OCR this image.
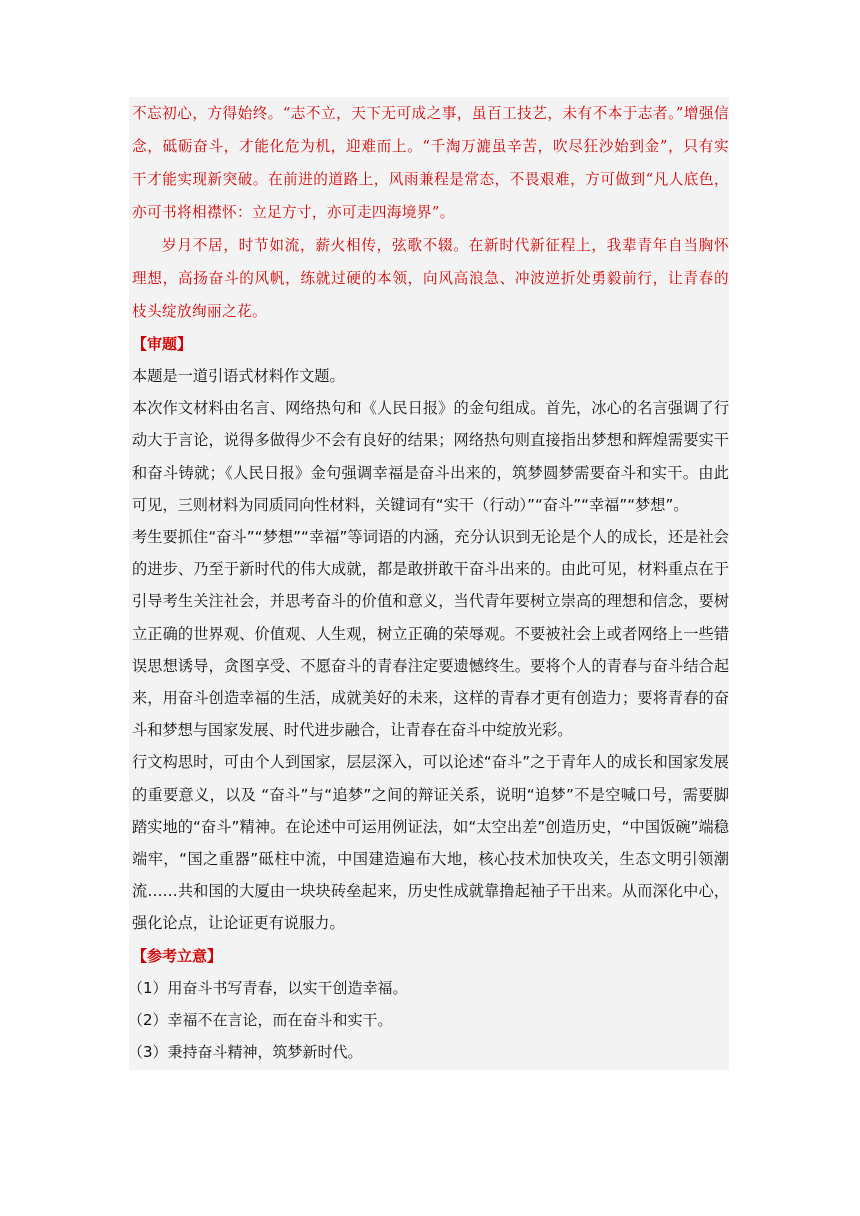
不忘初心，方得始终。“志不立，天下无可成之事，虽百工技艺，未有不本于志者。”增强信念，砥砺奋斗，才能化危为机，迎难而上。“千淘万漉虽辛苦，吹尽狂沙始到金”，只有实干才能实现新突破。在前进的道路上，风雨兼程是常态，不畏艰难，方可做到“凡人底色，亦可书将相襟怀：立足方寸，亦可走四海境界”。

岁月不居，时节如流，薪火相传，弦歌不辍。在新时代新征程上，我辈青年自当胸怀理想，高扬奋斗的风帆，练就过硬的本领，向风高浪急、冲波逆折处勇毅前行，让青春的枝头绽放绚丽之花。

【审题】

本题是一道引语式材料作文题。

本次作文材料由名言、网络热句和《人民日报》的金句组成。首先，冰心的名言强调了行动大于言论，说得多做得少不会有良好的结果；网络热句则直接指出梦想和辉煌需要实干和奋斗铸就；《人民日报》金句强调幸福是奋斗出来的，筑梦圆梦需要奋斗和实干。由此可见，三则材料为同质同向性材料，关键词有“实干（行动）”“奋斗”“幸福”“梦想”。

考生要抓住“奋斗”“梦想”“幸福”等词语的内涵，充分认识到无论是个人的成长，还是社会的进步、乃至于新时代的伟大成就，都是敢拼敢干奋斗出来的。由此可见，材料重点在于引导考生关注社会，并思考奋斗的价值和意义，当代青年要树立崇高的理想和信念，要树立正确的世界观、价值观、人生观，树立正确的荣辱观。不要被社会上或者网络上一些错误思想诱导，贪图享受、不愿奋斗的青春注定要遗憾终生。要将个人的青春与奋斗结合起来，用奋斗创造幸福的生活，成就美好的未来，这样的青春才更有创造力；要将青春的奋斗和梦想与国家发展、时代进步融合，让青春在奋斗中绽放光彩。

行文构思时，可由个人到国家，层层深入，可以论述“奋斗”之于青年人的成长和国家发展的重要意义，以及 “奋斗”与“追梦”之间的辩证关系，说明“追梦”不是空喊口号，需要脚踏实地的“奋斗”精神。在论述中可运用例证法，如“太空出差”创造历史，“中国饭碗”端稳端牢，“国之重器”砥柱中流，中国建造遍布大地，核心技术加快攻关，生态文明引领潮流……共和国的大厦由一块块砖垒起来，历史性成就靠撸起袖子干出来。从而深化中心，强化论点，让论证更有说服力。

【参考立意】

（1）用奋斗书写青春，以实干创造幸福。

（2）幸福不在言论，而在奋斗和实干。

（3）秉持奋斗精神，筑梦新时代。
